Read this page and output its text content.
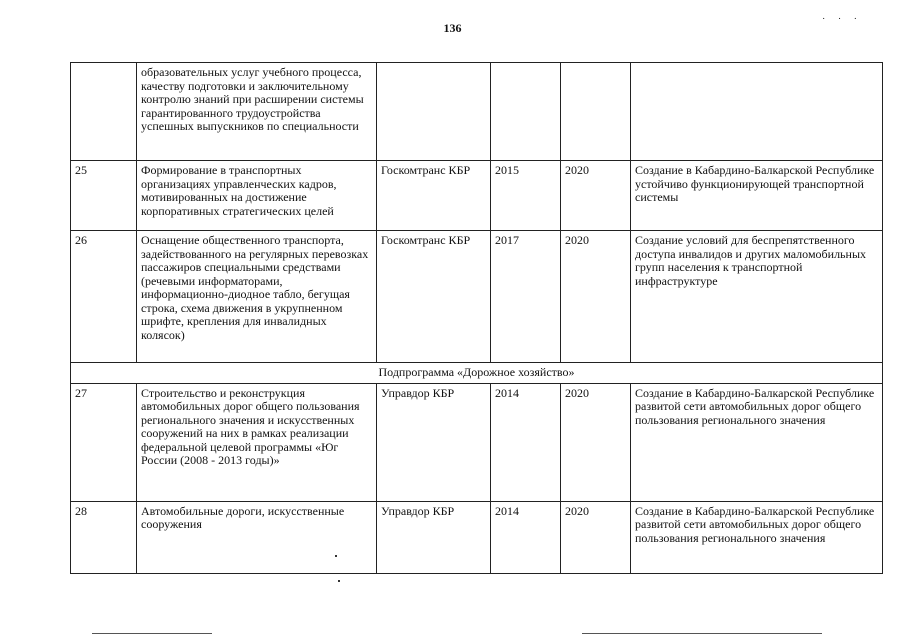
136	˙ ˙ ˙
	образовательных услуг учебного процесса, качеству подготовки и заключительному контролю знаний при расширении системы гарантированного трудоустройства успешных выпускников по специальности				
25	Формирование в транспортных организациях управленческих кадров, мотивированных на достижение корпоративных стратегических целей	Госкомтранс КБР	2015	2020	Создание в Кабардино-Балкарской Республике устойчиво функционирующей транспортной системы
26	Оснащение общественного транспорта, задействованного на регулярных перевозках пассажиров специальными средствами (речевыми информаторами, информационно-диодное табло, бегущая строка, схема движения в укрупненном шрифте, крепления для инвалидных колясок)	Госкомтранс КБР	2017	2020	Создание условий для беспрепятственного доступа инвалидов и других маломобильных групп населения к транспортной инфраструктуре
Подпрограмма «Дорожное хозяйство»					
27	Строительство и реконструкция автомобильных дорог общего пользования регионального значения и искусственных сооружений на них в рамках реализации федеральной целевой программы «Юг России (2008 - 2013 годы)»	Управдор КБР	2014	2020	Создание в Кабардино-Балкарской Республике развитой сети автомобильных дорог общего пользования регионального значения
28	Автомобильные дороги, искусственные сооружения	Управдор КБР	2014	2020	Создание в Кабардино-Балкарской Республике развитой сети автомобильных дорог общего пользования регионального значения
